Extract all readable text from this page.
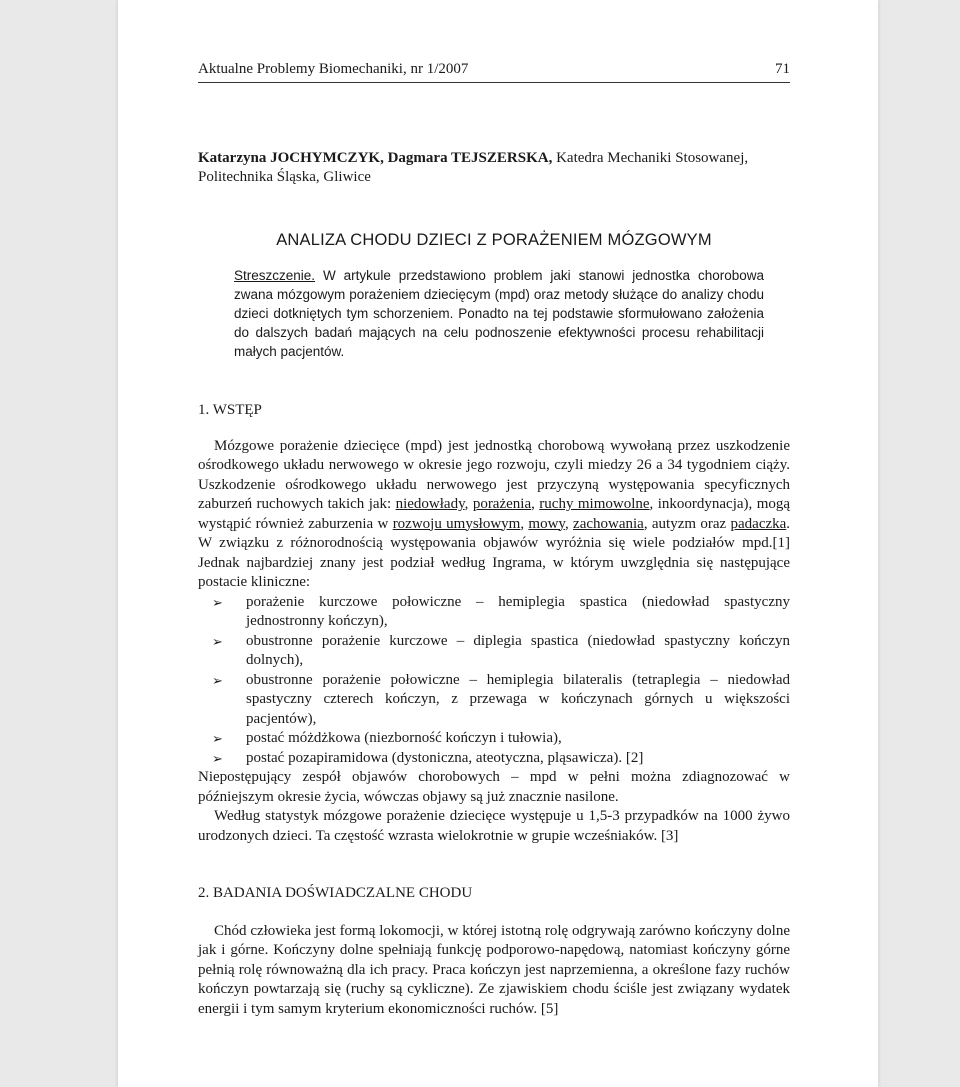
Aktualne Problemy Biomechaniki, nr 1/2007	71
Katarzyna JOCHYMCZYK, Dagmara TEJSZERSKA, Katedra Mechaniki Stosowanej,
Politechnika Śląska, Gliwice
ANALIZA CHODU DZIECI Z PORAŻENIEM MÓZGOWYM
Streszczenie. W artykule przedstawiono problem jaki stanowi jednostka chorobowa zwana mózgowym porażeniem dziecięcym (mpd) oraz metody służące do analizy chodu dzieci dotkniętych tym schorzeniem. Ponadto na tej podstawie sformułowano założenia do dalszych badań mających na celu podnoszenie efektywności procesu rehabilitacji małych pacjentów.
1. WSTĘP

Mózgowe porażenie dziecięce (mpd) jest jednostką chorobową wywołaną przez uszkodzenie ośrodkowego układu nerwowego w okresie jego rozwoju, czyli miedzy 26 a 34 tygodniem ciąży. Uszkodzenie ośrodkowego układu nerwowego jest przyczyną występowania specyficznych zaburzeń ruchowych takich jak: niedowłady, porażenia, ruchy mimowolne, inkoordynacja), mogą wystąpić również zaburzenia w rozwoju umysłowym, mowy, zachowania, autyzm oraz padaczka. W związku z różnorodnością występowania objawów wyróżnia się wiele podziałów mpd.[1] Jednak najbardziej znany jest podział według Ingrama, w którym uwzględnia się następujące postacie kliniczne:

➢ porażenie kurczowe połowiczne – hemiplegia spastica (niedowład spastyczny jednostronny kończyn),
➢ obustronne porażenie kurczowe – diplegia spastica (niedowład spastyczny kończyn dolnych),
➢ obustronne porażenie połowiczne – hemiplegia bilateralis (tetraplegia – niedowład spastyczny czterech kończyn, z przewaga w kończynach górnych u większości pacjentów),
➢ postać móżdżkowa (niezborność kończyn i tułowia),
➢ postać pozapiramidowa (dystoniczna, ateotyczna, pląsawicza). [2]

Niepostępujący zespół objawów chorobowych – mpd w pełni można zdiagnozować w późniejszym okresie życia, wówczas objawy są już znacznie nasilone.

Według statystyk mózgowe porażenie dziecięce występuje u 1,5-3 przypadków na 1000 żywo urodzonych dzieci. Ta częstość wzrasta wielokrotnie w grupie wcześniaków. [3]

2. BADANIA DOŚWIADCZALNE CHODU

Chód człowieka jest formą lokomocji, w której istotną rolę odgrywają zarówno kończyny dolne jak i górne. Kończyny dolne spełniają funkcję podporowo-napędową, natomiast kończyny górne pełnią rolę równoważną dla ich pracy. Praca kończyn jest naprzemienna, a określone fazy ruchów kończyn powtarzają się (ruchy są cykliczne). Ze zjawiskiem chodu ściśle jest związany wydatek energii i tym samym kryterium ekonomiczności ruchów. [5]
